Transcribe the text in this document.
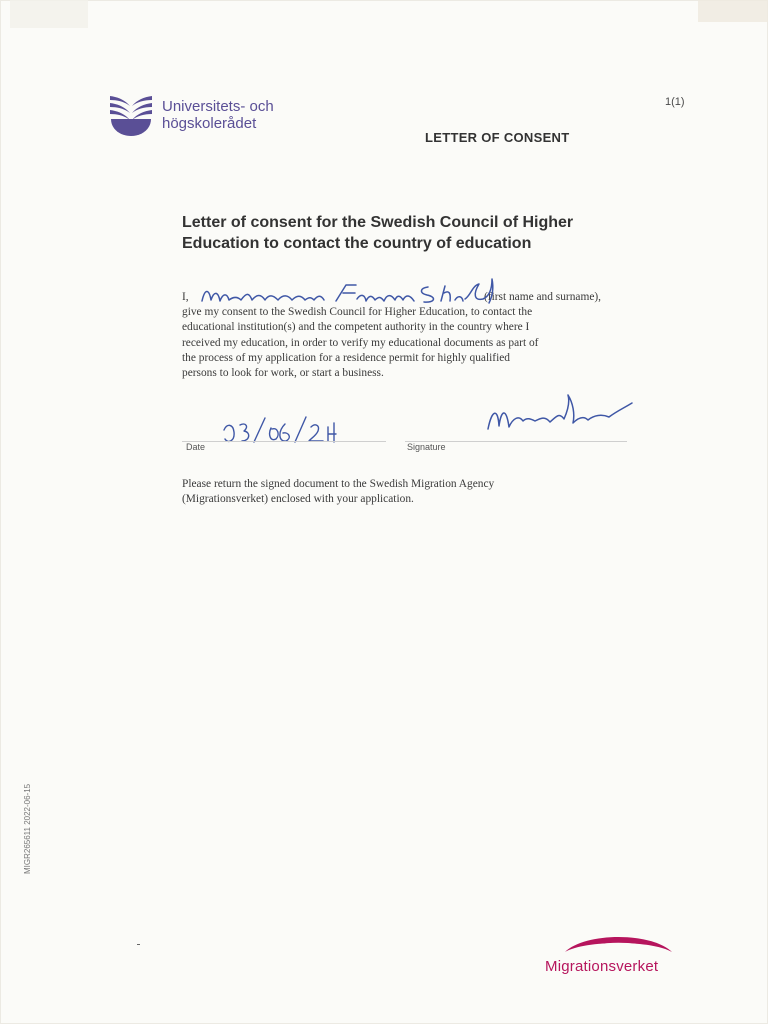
Universitets- och
högskolerådet
1(1)
LETTER OF CONSENT
Letter of consent for the Swedish Council of Higher
Education to contact the country of education
I,	(first name and surname),
give my consent to the Swedish Council for Higher Education, to contact the
educational institution(s) and the competent authority in the country where I
received my education, in order to verify my educational documents as part of
the process of my application for a residence permit for highly qualified
persons to look for work, or start a business.
Date	Signature
Please return the signed document to the Swedish Migration Agency
(Migrationsverket) enclosed with your application.
MIGR265611 2022-06-15
Migrationsverket
